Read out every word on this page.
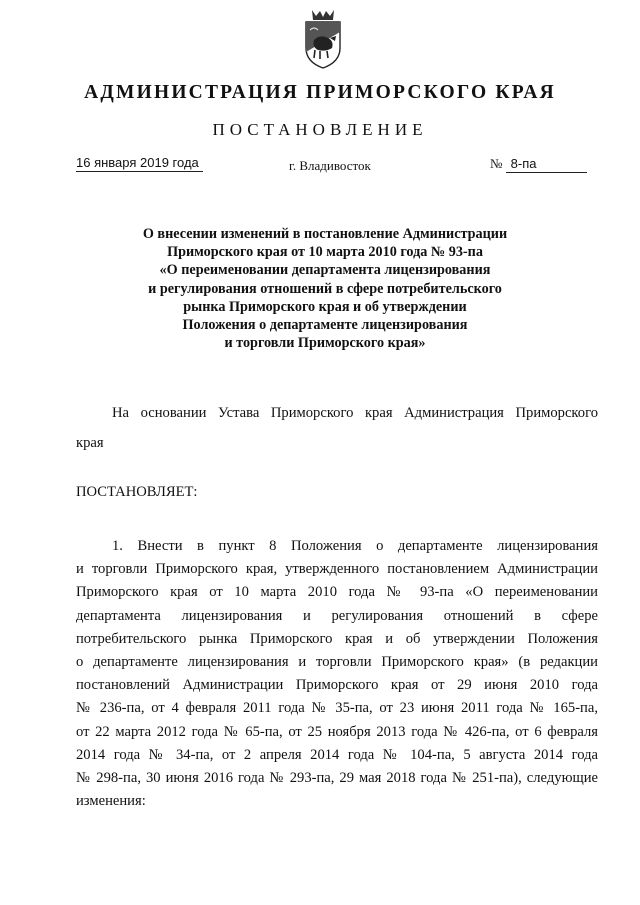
АДМИНИСТРАЦИЯ ПРИМОРСКОГО КРАЯ
ПОСТАНОВЛЕНИЕ
16 января 2019 года	г. Владивосток	№ 8-па
О внесении изменений в постановление Администрации
Приморского края от 10 марта 2010 года № 93-па
«О переименовании департамента лицензирования
и регулирования отношений в сфере потребительского
рынка Приморского края и об утверждении
Положения о департаменте лицензирования
и торговли Приморского края»
На основании Устава Приморского края Администрация Приморского
края
ПОСТАНОВЛЯЕТ:
1. Внести в пункт 8 Положения о департаменте лицензирования
и торговли Приморского края, утвержденного постановлением Администрации
Приморского края от 10 марта 2010 года № 93-па «О переименовании
департамента лицензирования и регулирования отношений в сфере
потребительского рынка Приморского края и об утверждении Положения
о департаменте лицензирования и торговли Приморского края» (в редакции
постановлений Администрации Приморского края от 29 июня 2010 года
№ 236-па, от 4 февраля 2011 года № 35-па, от 23 июня 2011 года № 165-па,
от 22 марта 2012 года № 65-па, от 25 ноября 2013 года № 426-па, от 6 февраля
2014 года № 34-па, от 2 апреля 2014 года № 104-па, 5 августа 2014 года
№ 298-па, 30 июня 2016 года № 293-па, 29 мая 2018 года № 251-па), следующие
изменения:
